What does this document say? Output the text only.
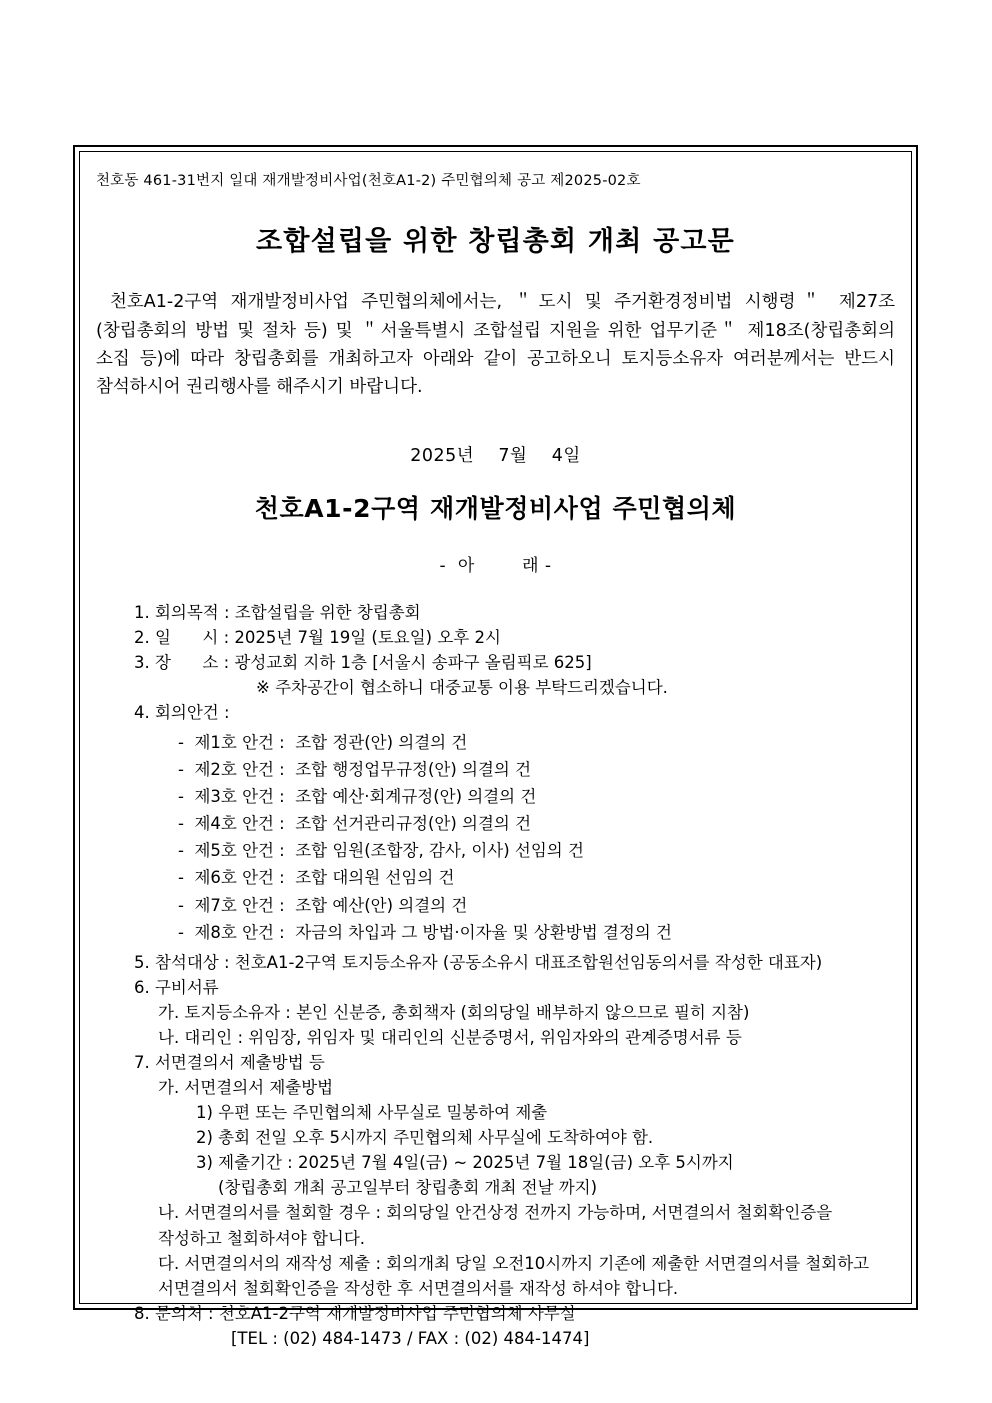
천호동 461-31번지 일대 재개발정비사업(천호A1-2) 주민협의체 공고 제2025-02호
조합설립을 위한 창립총회 개최 공고문
천호A1-2구역 재개발정비사업 주민협의체에서는, ＂도시 및 주거환경정비법 시행령＂ 제27조(창립총회의 방법 및 절차 등) 및 ＂서울특별시 조합설립 지원을 위한 업무기준＂ 제18조(창립총회의 소집 등)에 따라 창립총회를 개최하고자 아래와 같이 공고하오니 토지등소유자 여러분께서는 반드시 참석하시어 권리행사를 해주시기 바랍니다.
2025년    7월    4일
천호A1-2구역 재개발정비사업 주민협의체
-  아        래 -
1. 회의목적 : 조합설립을 위한 창립총회
2. 일      시 : 2025년 7월 19일 (토요일) 오후 2시
3. 장      소 : 광성교회 지하 1층 [서울시 송파구 올림픽로 625]
※ 주차공간이 협소하니 대중교통 이용 부탁드리겠습니다.
4. 회의안건 :
-  제1호 안건 :  조합 정관(안) 의결의 건
-  제2호 안건 :  조합 행정업무규정(안) 의결의 건
-  제3호 안건 :  조합 예산·회계규정(안) 의결의 건
-  제4호 안건 :  조합 선거관리규정(안) 의결의 건
-  제5호 안건 :  조합 임원(조합장, 감사, 이사) 선임의 건
-  제6호 안건 :  조합 대의원 선임의 건
-  제7호 안건 :  조합 예산(안) 의결의 건
-  제8호 안건 :  자금의 차입과 그 방법·이자율 및 상환방법 결정의 건
5. 참석대상 : 천호A1-2구역 토지등소유자 (공동소유시 대표조합원선임동의서를 작성한 대표자)
6. 구비서류
가. 토지등소유자 : 본인 신분증, 총회책자 (회의당일 배부하지 않으므로 필히 지참)
나. 대리인 : 위임장, 위임자 및 대리인의 신분증명서, 위임자와의 관계증명서류 등
7. 서면결의서 제출방법 등
가. 서면결의서 제출방법
1) 우편 또는 주민협의체 사무실로 밀봉하여 제출
2) 총회 전일 오후 5시까지 주민협의체 사무실에 도착하여야 함.
3) 제출기간 : 2025년 7월 4일(금) ~ 2025년 7월 18일(금) 오후 5시까지
(창립총회 개최 공고일부터 창립총회 개최 전날 까지)
나. 서면결의서를 철회할 경우 : 회의당일 안건상정 전까지 가능하며, 서면결의서 철회확인증을 작성하고 철회하셔야 합니다.
다. 서면결의서의 재작성 제출 : 회의개최 당일 오전10시까지 기존에 제출한 서면결의서를 철회하고 서면결의서 철회확인증을 작성한 후 서면결의서를 재작성 하셔야 합니다.
8. 문의처 : 천호A1-2구역 재개발정비사업 주민협의체 사무실
[TEL : (02) 484-1473 / FAX : (02) 484-1474]
